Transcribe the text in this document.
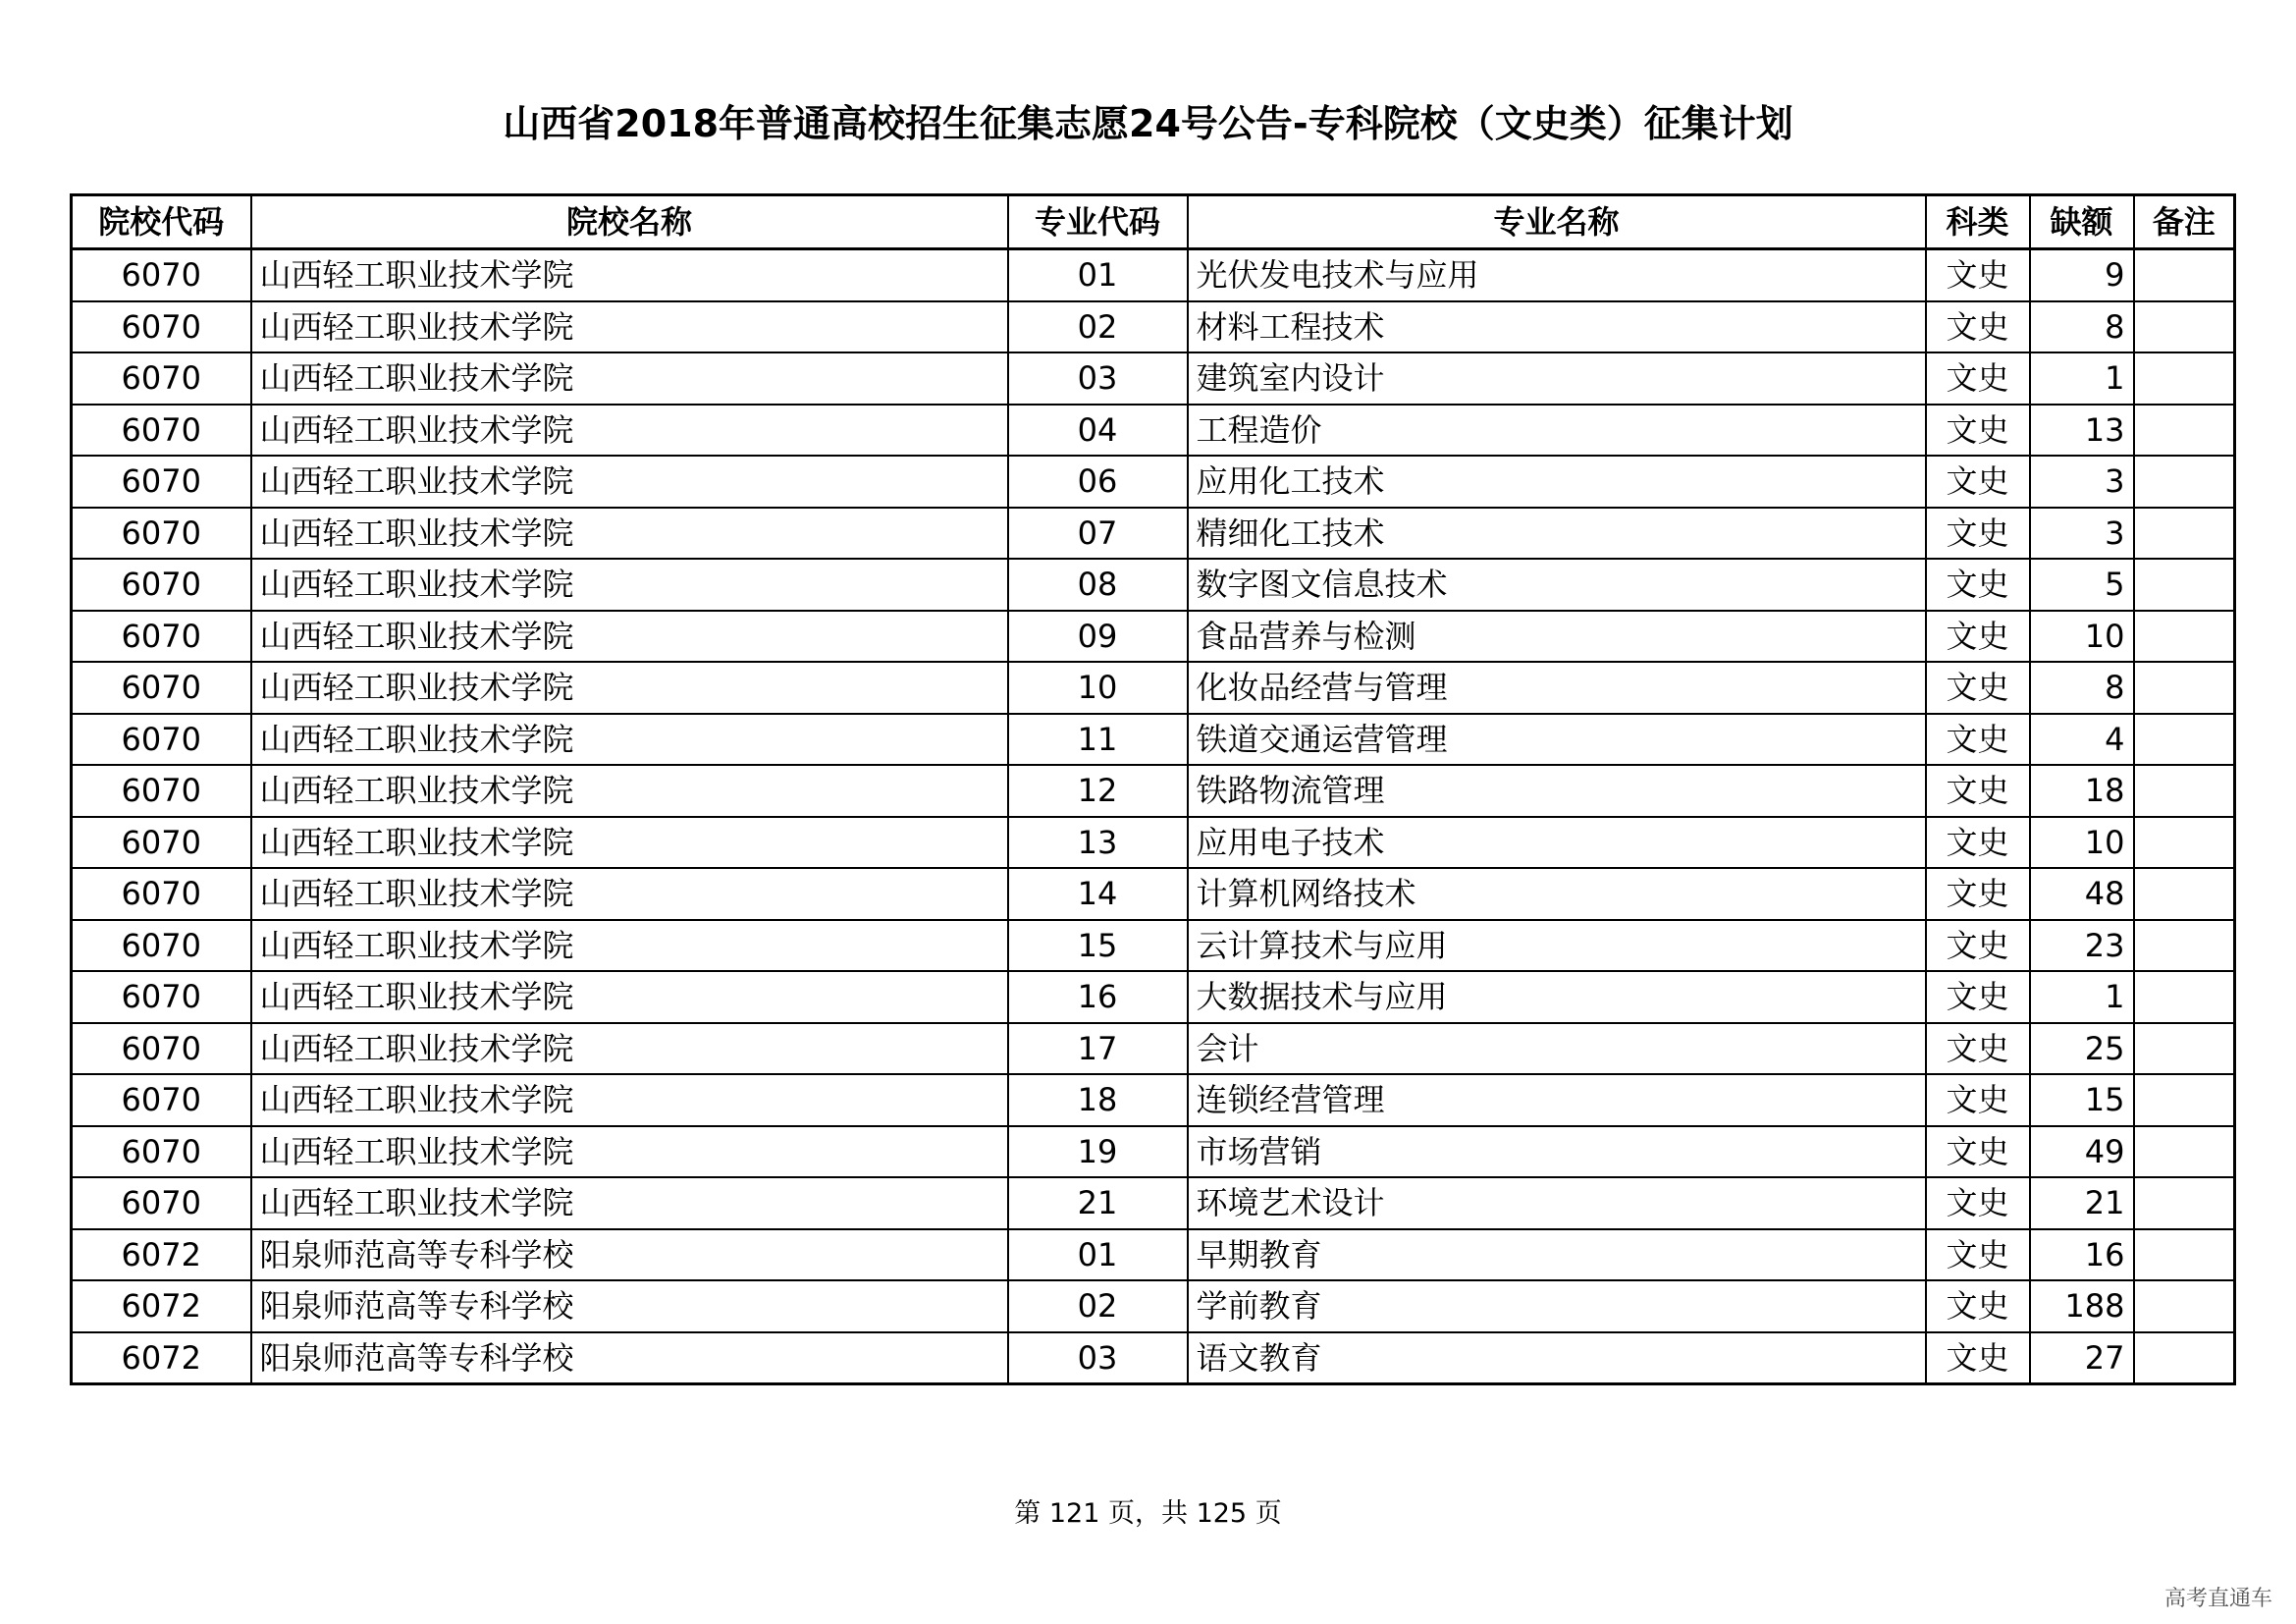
山西省2018年普通高校招生征集志愿24号公告-专科院校（文史类）征集计划
院校代码	院校名称	专业代码	专业名称	科类	缺额	备注
6070	山西轻工职业技术学院	01	光伏发电技术与应用	文史	9	
6070	山西轻工职业技术学院	02	材料工程技术	文史	8	
6070	山西轻工职业技术学院	03	建筑室内设计	文史	1	
6070	山西轻工职业技术学院	04	工程造价	文史	13	
6070	山西轻工职业技术学院	06	应用化工技术	文史	3	
6070	山西轻工职业技术学院	07	精细化工技术	文史	3	
6070	山西轻工职业技术学院	08	数字图文信息技术	文史	5	
6070	山西轻工职业技术学院	09	食品营养与检测	文史	10	
6070	山西轻工职业技术学院	10	化妆品经营与管理	文史	8	
6070	山西轻工职业技术学院	11	铁道交通运营管理	文史	4	
6070	山西轻工职业技术学院	12	铁路物流管理	文史	18	
6070	山西轻工职业技术学院	13	应用电子技术	文史	10	
6070	山西轻工职业技术学院	14	计算机网络技术	文史	48	
6070	山西轻工职业技术学院	15	云计算技术与应用	文史	23	
6070	山西轻工职业技术学院	16	大数据技术与应用	文史	1	
6070	山西轻工职业技术学院	17	会计	文史	25	
6070	山西轻工职业技术学院	18	连锁经营管理	文史	15	
6070	山西轻工职业技术学院	19	市场营销	文史	49	
6070	山西轻工职业技术学院	21	环境艺术设计	文史	21	
6072	阳泉师范高等专科学校	01	早期教育	文史	16	
6072	阳泉师范高等专科学校	02	学前教育	文史	188	
6072	阳泉师范高等专科学校	03	语文教育	文史	27	
第 121 页，共 125 页
高考直通车
